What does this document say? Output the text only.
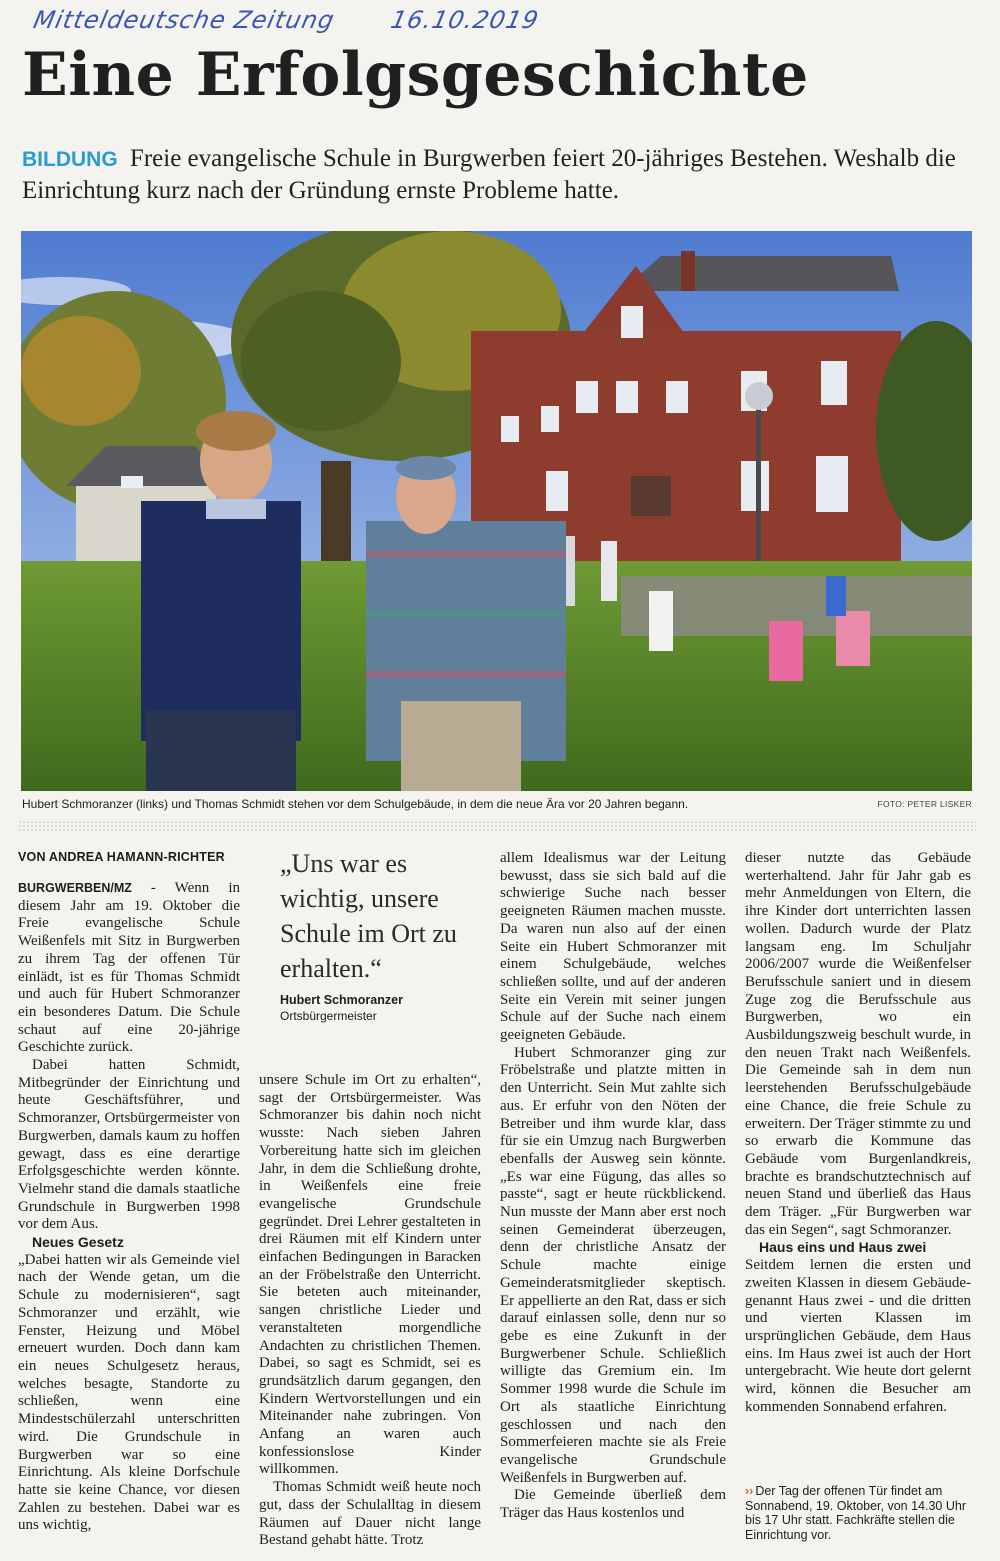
Mitteldeutsche Zeitung 16.10.2019
Eine Erfolgsgeschichte
BILDUNG Freie evangelische Schule in Burgwerben feiert 20-jähriges Bestehen. Weshalb die Einrichtung kurz nach der Gründung ernste Probleme hatte.
Hubert Schmoranzer (links) und Thomas Schmidt stehen vor dem Schulgebäude, in dem die neue Ära vor 20 Jahren begann.	FOTO: PETER LISKER
VON ANDREA HAMANN-RICHTER „Uns war es wichtig, unsere Schule im Ort zu erhalten.“
Hubert Schmoranzer
Ortsbürgermeister

BURGWERBEN/MZ - Wenn in diesem Jahr am 19. Oktober die Freie evangelische Schule Weißenfels mit Sitz in Burgwerben zu ihrem Tag der offenen Tür einlädt, ist es für Thomas Schmidt und auch für Hubert Schmoranzer ein besonderes Datum. Die Schule schaut auf eine 20-jährige Geschichte zurück.

Dabei hatten Schmidt, Mitbegründer der Einrichtung und heute Geschäftsführer, und Schmoranzer, Ortsbürgermeister von Burgwerben, damals kaum zu hoffen gewagt, dass es eine derartige Erfolgsgeschichte werden könnte. Vielmehr stand die damals staatliche Grundschule in Burgwerben 1998 vor dem Aus.

Neues Gesetz

„Dabei hatten wir als Gemeinde viel nach der Wende getan, um die Schule zu modernisieren“, sagt Schmoranzer und erzählt, wie Fenster, Heizung und Möbel erneuert wurden. Doch dann kam ein neues Schulgesetz heraus, welches besagte, Standorte zu schließen, wenn eine Mindestschülerzahl unterschritten wird. Die Grundschule in Burgwerben war so eine Einrichtung. Als kleine Dorfschule hatte sie keine Chance, vor diesen Zahlen zu bestehen. Dabei war es uns wichtig,

unsere Schule im Ort zu erhalten“, sagt der Ortsbürgermeister. Was Schmoranzer bis dahin noch nicht wusste: Nach sieben Jahren Vorbereitung hatte sich im gleichen Jahr, in dem die Schließung drohte, in Weißenfels eine freie evangelische Grundschule gegründet. Drei Lehrer gestalteten in drei Räumen mit elf Kindern unter einfachen Bedingungen in Baracken an der Fröbelstraße den Unterricht. Sie beteten auch miteinander, sangen christliche Lieder und veranstalteten morgendliche Andachten zu christlichen Themen. Dabei, so sagt es Schmidt, sei es grundsätzlich darum gegangen, den Kindern Wertvorstellungen und ein Miteinander nahe zubringen. Von Anfang an waren auch konfessionslose Kinder willkommen.

Thomas Schmidt weiß heute noch gut, dass der Schulalltag in diesem Räumen auf Dauer nicht lange Bestand gehabt hätte. Trotz

allem Idealismus war der Leitung bewusst, dass sie sich bald auf die schwierige Suche nach besser geeigneten Räumen machen musste. Da waren nun also auf der einen Seite ein Hubert Schmoranzer mit einem Schulgebäude, welches schließen sollte, und auf der anderen Seite ein Verein mit seiner jungen Schule auf der Suche nach einem geeigneten Gebäude.

Hubert Schmoranzer ging zur Fröbelstraße und platzte mitten in den Unterricht. Sein Mut zahlte sich aus. Er erfuhr von den Nöten der Betreiber und ihm wurde klar, dass für sie ein Umzug nach Burgwerben ebenfalls der Ausweg sein könnte. „Es war eine Fügung, das alles so passte“, sagt er heute rückblickend. Nun musste der Mann aber erst noch seinen Gemeinderat überzeugen, denn der christliche Ansatz der Schule machte einige Gemeinderatsmitglieder skeptisch. Er appellierte an den Rat, dass er sich darauf einlassen solle, denn nur so gebe es eine Zukunft in der Burgwerbener Schule. Schließlich willigte das Gremium ein. Im Sommer 1998 wurde die Schule im Ort als staatliche Einrichtung geschlossen und nach den Sommerfeieren machte sie als Freie evangelische Grundschule Weißenfels in Burgwerben auf.

Die Gemeinde überließ dem Träger das Haus kostenlos und

dieser nutzte das Gebäude werterhaltend. Jahr für Jahr gab es mehr Anmeldungen von Eltern, die ihre Kinder dort unterrichten lassen wollen. Dadurch wurde der Platz langsam eng. Im Schuljahr 2006/2007 wurde die Weißenfelser Berufsschule saniert und in diesem Zuge zog die Berufsschule aus Burgwerben, wo ein Ausbildungszweig beschult wurde, in den neuen Trakt nach Weißenfels. Die Gemeinde sah in dem nun leerstehenden Berufsschulgebäude eine Chance, die freie Schule zu erweitern. Der Träger stimmte zu und so erwarb die Kommune das Gebäude vom Burgenlandkreis, brachte es brandschutztechnisch auf neuen Stand und überließ das Haus dem Träger. „Für Burgwerben war das ein Segen“, sagt Schmoranzer.

Haus eins und Haus zwei

Seitdem lernen die ersten und zweiten Klassen in diesem Gebäude- genannt Haus zwei - und die dritten und vierten Klassen im ursprünglichen Gebäude, dem Haus eins. Im Haus zwei ist auch der Hort untergebracht. Wie heute dort gelernt wird, können die Besucher am kommenden Sonnabend erfahren.

›› Der Tag der offenen Tür findet am Sonnabend, 19. Oktober, von 14.30 Uhr bis 17 Uhr statt. Fachkräfte stellen die Einrichtung vor.
